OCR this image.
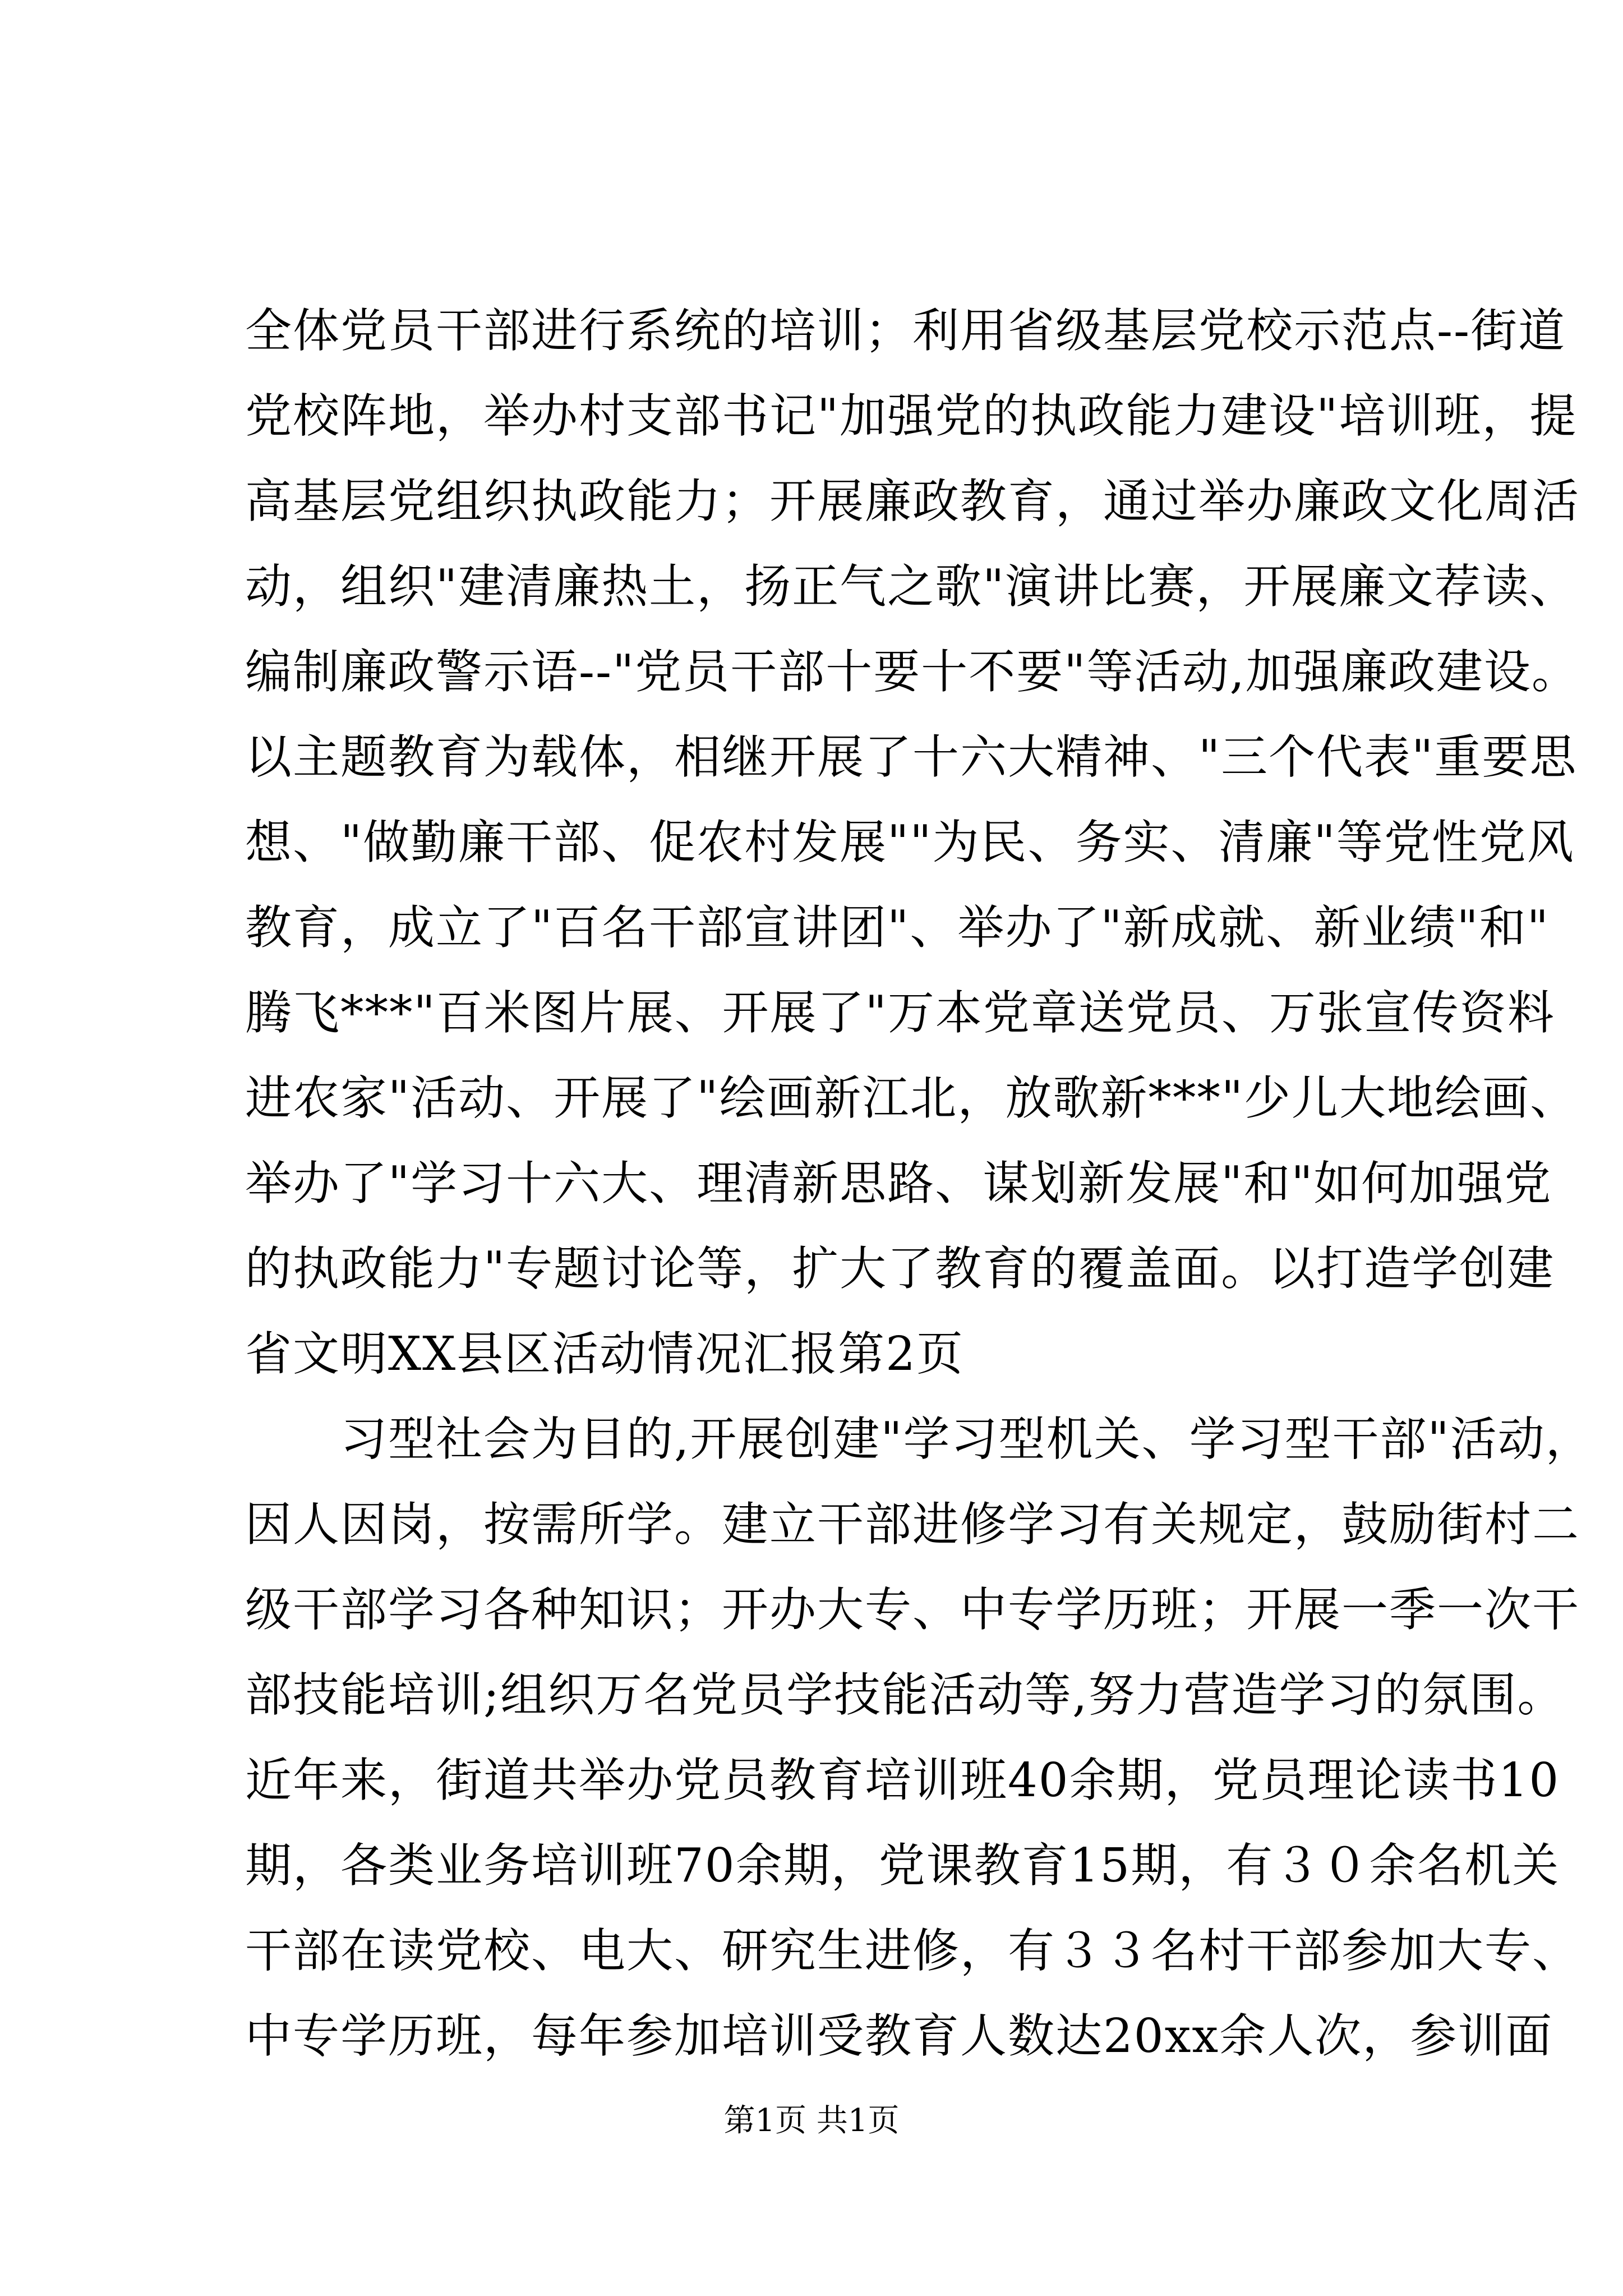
全体党员干部进行系统的培训；利用省级基层党校示范点--街道
党校阵地，举办村支部书记"加强党的执政能力建设"培训班，提
高基层党组织执政能力；开展廉政教育，通过举办廉政文化周活
动，组织"建清廉热土，扬正气之歌"演讲比赛，开展廉文荐读、
编制廉政警示语--"党员干部十要十不要"等活动,加强廉政建设。
以主题教育为载体，相继开展了十六大精神、"三个代表"重要思
想、"做勤廉干部、促农村发展""为民、务实、清廉"等党性党风
教育，成立了"百名干部宣讲团"、举办了"新成就、新业绩"和"
腾飞***"百米图片展、开展了"万本党章送党员、万张宣传资料
进农家"活动、开展了"绘画新江北，放歌新***"少儿大地绘画、
举办了"学习十六大、理清新思路、谋划新发展"和"如何加强党
的执政能力"专题讨论等，扩大了教育的覆盖面。以打造学创建
省文明XX县区活动情况汇报第2页
　　习型社会为目的,开展创建"学习型机关、学习型干部"活动，
因人因岗，按需所学。建立干部进修学习有关规定，鼓励街村二
级干部学习各种知识；开办大专、中专学历班；开展一季一次干
部技能培训;组织万名党员学技能活动等,努力营造学习的氛围。
近年来，街道共举办党员教育培训班40余期，党员理论读书10
期，各类业务培训班70余期，党课教育15期，有３０余名机关
干部在读党校、电大、研究生进修，有３３名村干部参加大专、
中专学历班，每年参加培训受教育人数达20xx余人次，参训面
第1页 共1页
